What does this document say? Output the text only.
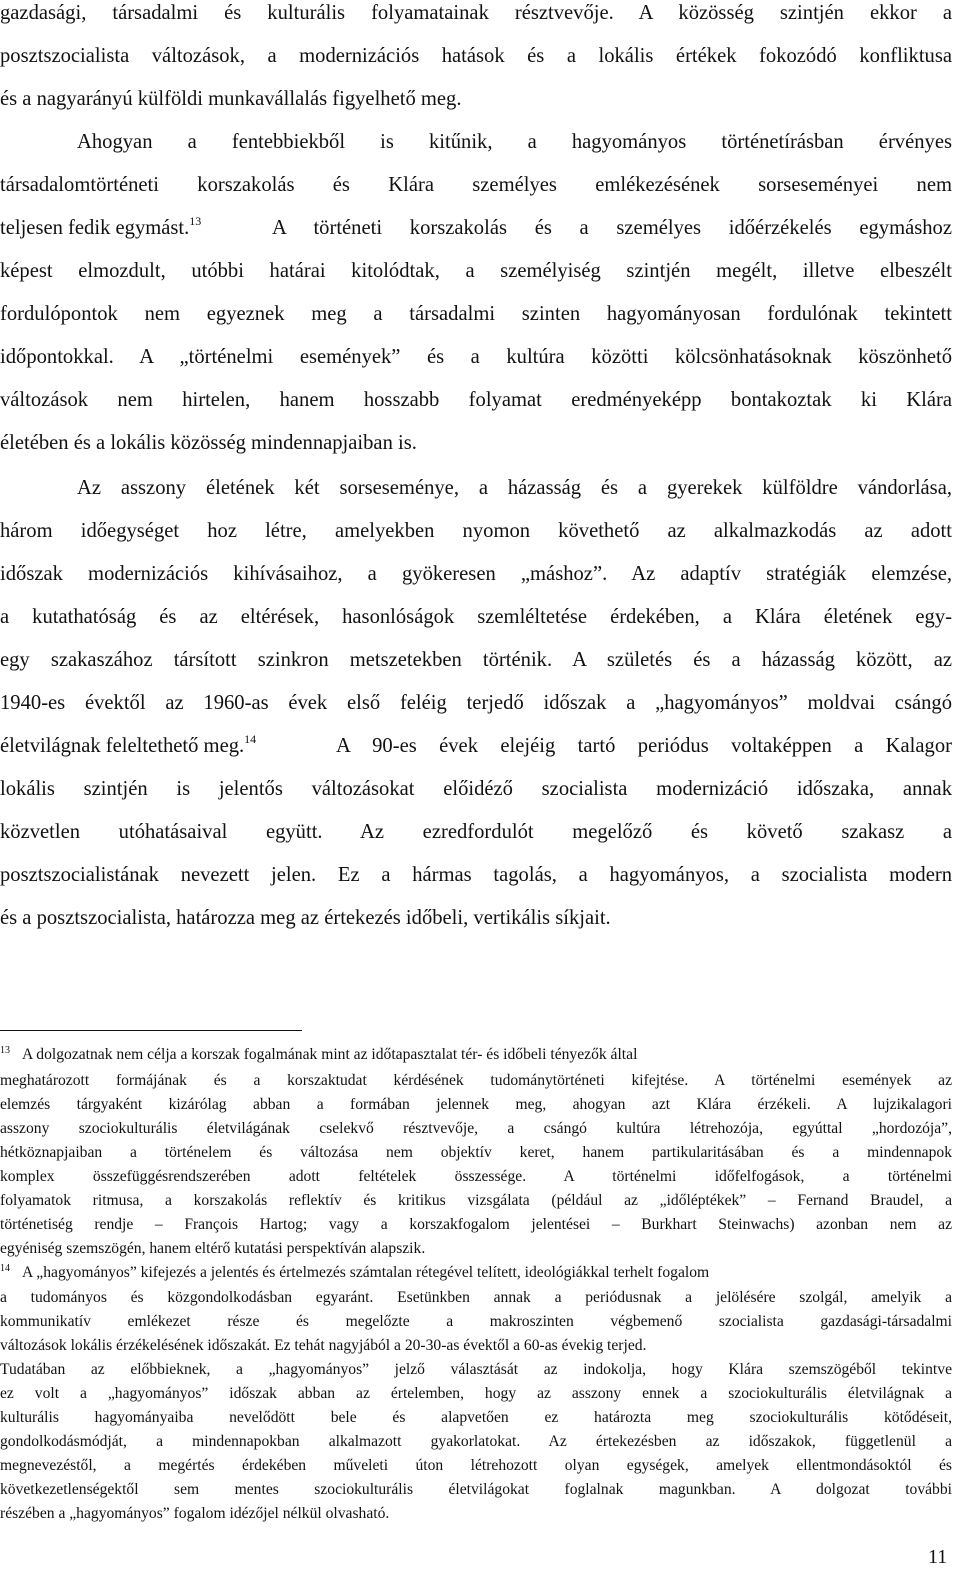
gazdasági, társadalmi és kulturális folyamatainak résztvevője. A közösség szintjén ekkor a
posztszocialista változások, a modernizációs hatások és a lokális értékek fokozódó konfliktusa
és a nagyarányú külföldi munkavállalás figyelhető meg.
Ahogyan a fentebbiekből is kitűnik, a hagyományos történetírásban érvényes
társadalomtörténeti korszakolás és Klára személyes emlékezésének sorseseményei nem
teljesen fedik egymást.$^{13}$	A történeti korszakolás és a személyes időérzékelés egymáshoz
képest elmozdult, utóbbi határai kitolódtak, a személyiség szintjén megélt, illetve elbeszélt
fordulópontok nem egyeznek meg a társadalmi szinten hagyományosan fordulónak tekintett
időpontokkal. A „történelmi események” és a kultúra közötti kölcsönhatásoknak köszönhető
változások nem hirtelen, hanem hosszabb folyamat eredményeképp bontakoztak ki Klára
életében és a lokális közösség mindennapjaiban is.
Az asszony életének két sorseseménye, a házasság és a gyerekek külföldre vándorlása,
három időegységet hoz létre, amelyekben nyomon követhető az alkalmazkodás az adott
időszak modernizációs kihívásaihoz, a gyökeresen „máshoz”. Az adaptív stratégiák elemzése,
a kutathatóság és az eltérések, hasonlóságok szemléltetése érdekében, a Klára életének egy-
egy szakaszához társított szinkron metszetekben történik. A születés és a házasság között, az
1940-es évektől az 1960-as évek első feléig terjedő időszak a „hagyományos” moldvai csángó
életvilágnak feleltethető meg.$^{14}$	A 90-es évek elejéig tartó periódus voltaképpen a Kalagor
lokális szintjén is jelentős változásokat előidéző szocialista modernizáció időszaka, annak
közvetlen utóhatásaival együtt. Az ezredfordulót megelőző és követő szakasz a
posztszocialistának nevezett jelen. Ez a hármas tagolás, a hagyományos, a szocialista modern
és a posztszocialista, határozza meg az értekezés időbeli, vertikális síkjait.
$^{13}$ A dolgozatnak nem célja a korszak fogalmának mint az időtapasztalat tér- és időbeli tényezők által
meghatározott formájának és a korszaktudat kérdésének tudománytörténeti kifejtése. A történelmi események az
elemzés tárgyaként kizárólag abban a formában jelennek meg, ahogyan azt Klára érzékeli. A lujzikalagori
asszony szociokulturális életvilágának cselekvő résztvevője, a csángó kultúra létrehozója, egyúttal „hordozója”,
hétköznapjaiban a történelem és változása nem objektív keret, hanem partikularitásában és a mindennapok
komplex összefüggésrendszerében adott feltételek összessége. A történelmi időfelfogások, a történelmi
folyamatok ritmusa, a korszakolás reflektív és kritikus vizsgálata (például az „időléptékek” – Fernand Braudel, a
történetiség rendje – François Hartog; vagy a korszakfogalom jelentései – Burkhart Steinwachs) azonban nem az
egyéniség szemszögén, hanem eltérő kutatási perspektíván alapszik.
$^{14}$ A „hagyományos” kifejezés a jelentés és értelmezés számtalan rétegével telített, ideológiákkal terhelt fogalom
a tudományos és közgondolkodásban egyaránt. Esetünkben annak a periódusnak a jelölésére szolgál, amelyik a
kommunikatív emlékezet része és megelőzte a makroszinten végbemenő szocialista gazdasági-társadalmi
változások lokális érzékelésének időszakát. Ez tehát nagyjából a 20-30-as évektől a 60-as évekig terjed.
Tudatában az előbbieknek, a „hagyományos” jelző választását az indokolja, hogy Klára szemszögéből tekintve
ez volt a „hagyományos” időszak abban az értelemben, hogy az asszony ennek a szociokulturális életvilágnak a
kulturális hagyományaiba nevelődött bele és alapvetően ez határozta meg szociokulturális kötődéseit,
gondolkodásmódját, a mindennapokban alkalmazott gyakorlatokat. Az értekezésben az időszakok, függetlenül a
megnevezéstől, a megértés érdekében műveleti úton létrehozott olyan egységek, amelyek ellentmondásoktól és
következetlenségektől sem mentes szociokulturális életvilágokat foglalnak magunkban. A dolgozat további
részében a „hagyományos” fogalom idézőjel nélkül olvasható.
11
